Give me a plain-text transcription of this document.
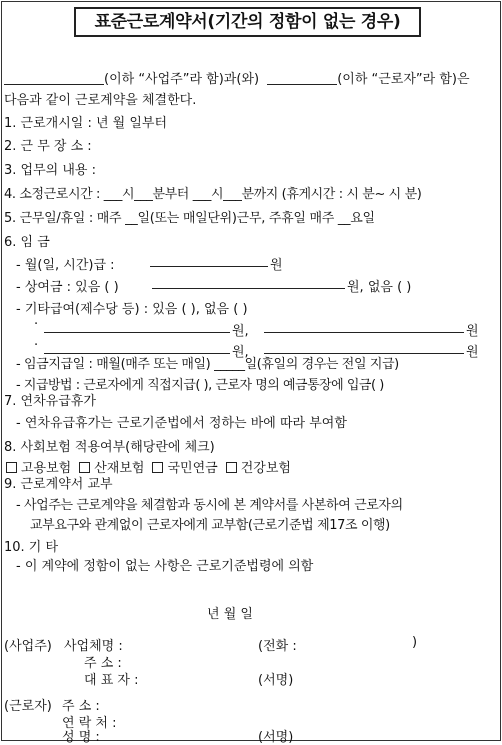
표준근로계약서(기간의 정함이 없는 경우)
(이하 “사업주”라 함)과(와)	(이하 “근로자”라 함)은
다음과 같이 근로계약을 체결한다.
1. 근로개시일 : 년 월 일부터
2. 근 무 장 소 :
3. 업무의 내용 :
4. 소정근로시간 : ___시___분부터 ___시___분까지 (휴게시간 : 시 분~ 시 분)
5. 근무일/휴일 : 매주 __일(또는 매일단위)근무, 주휴일 매주 __요일
6. 임 금
- 월(일, 시간)급 :	원
- 상여금 : 있음 ( )	원, 없음 ( )
- 기타급여(제수당 등) : 있음 ( ), 없음 ( )
·	원,	원
·	원,	원
- 임금지급일 : 매월(매주 또는 매일) _____일(휴일의 경우는 전일 지급)
- 지급방법 : 근로자에게 직접지급( ), 근로자 명의 예금통장에 입금( )
7. 연차유급휴가
- 연차유급휴가는 근로기준법에서 정하는 바에 따라 부여함
8. 사회보험 적용여부(해당란에 체크)
고용보험 산재보험 국민연금 건강보험
9. 근로계약서 교부
- 사업주는 근로계약을 체결함과 동시에 본 계약서를 사본하여 근로자의
교부요구와 관계없이 근로자에게 교부함(근로기준법 제17조 이행)
10. 기 타
- 이 계약에 정함이 없는 사항은 근로기준법령에 의함
년 월 일
(사업주) 사업체명 :	(전화 :	)
주 소 :
대 표 자 :	(서명)
(근로자) 주 소 :
연 락 처 :
성 명 :	(서명)
